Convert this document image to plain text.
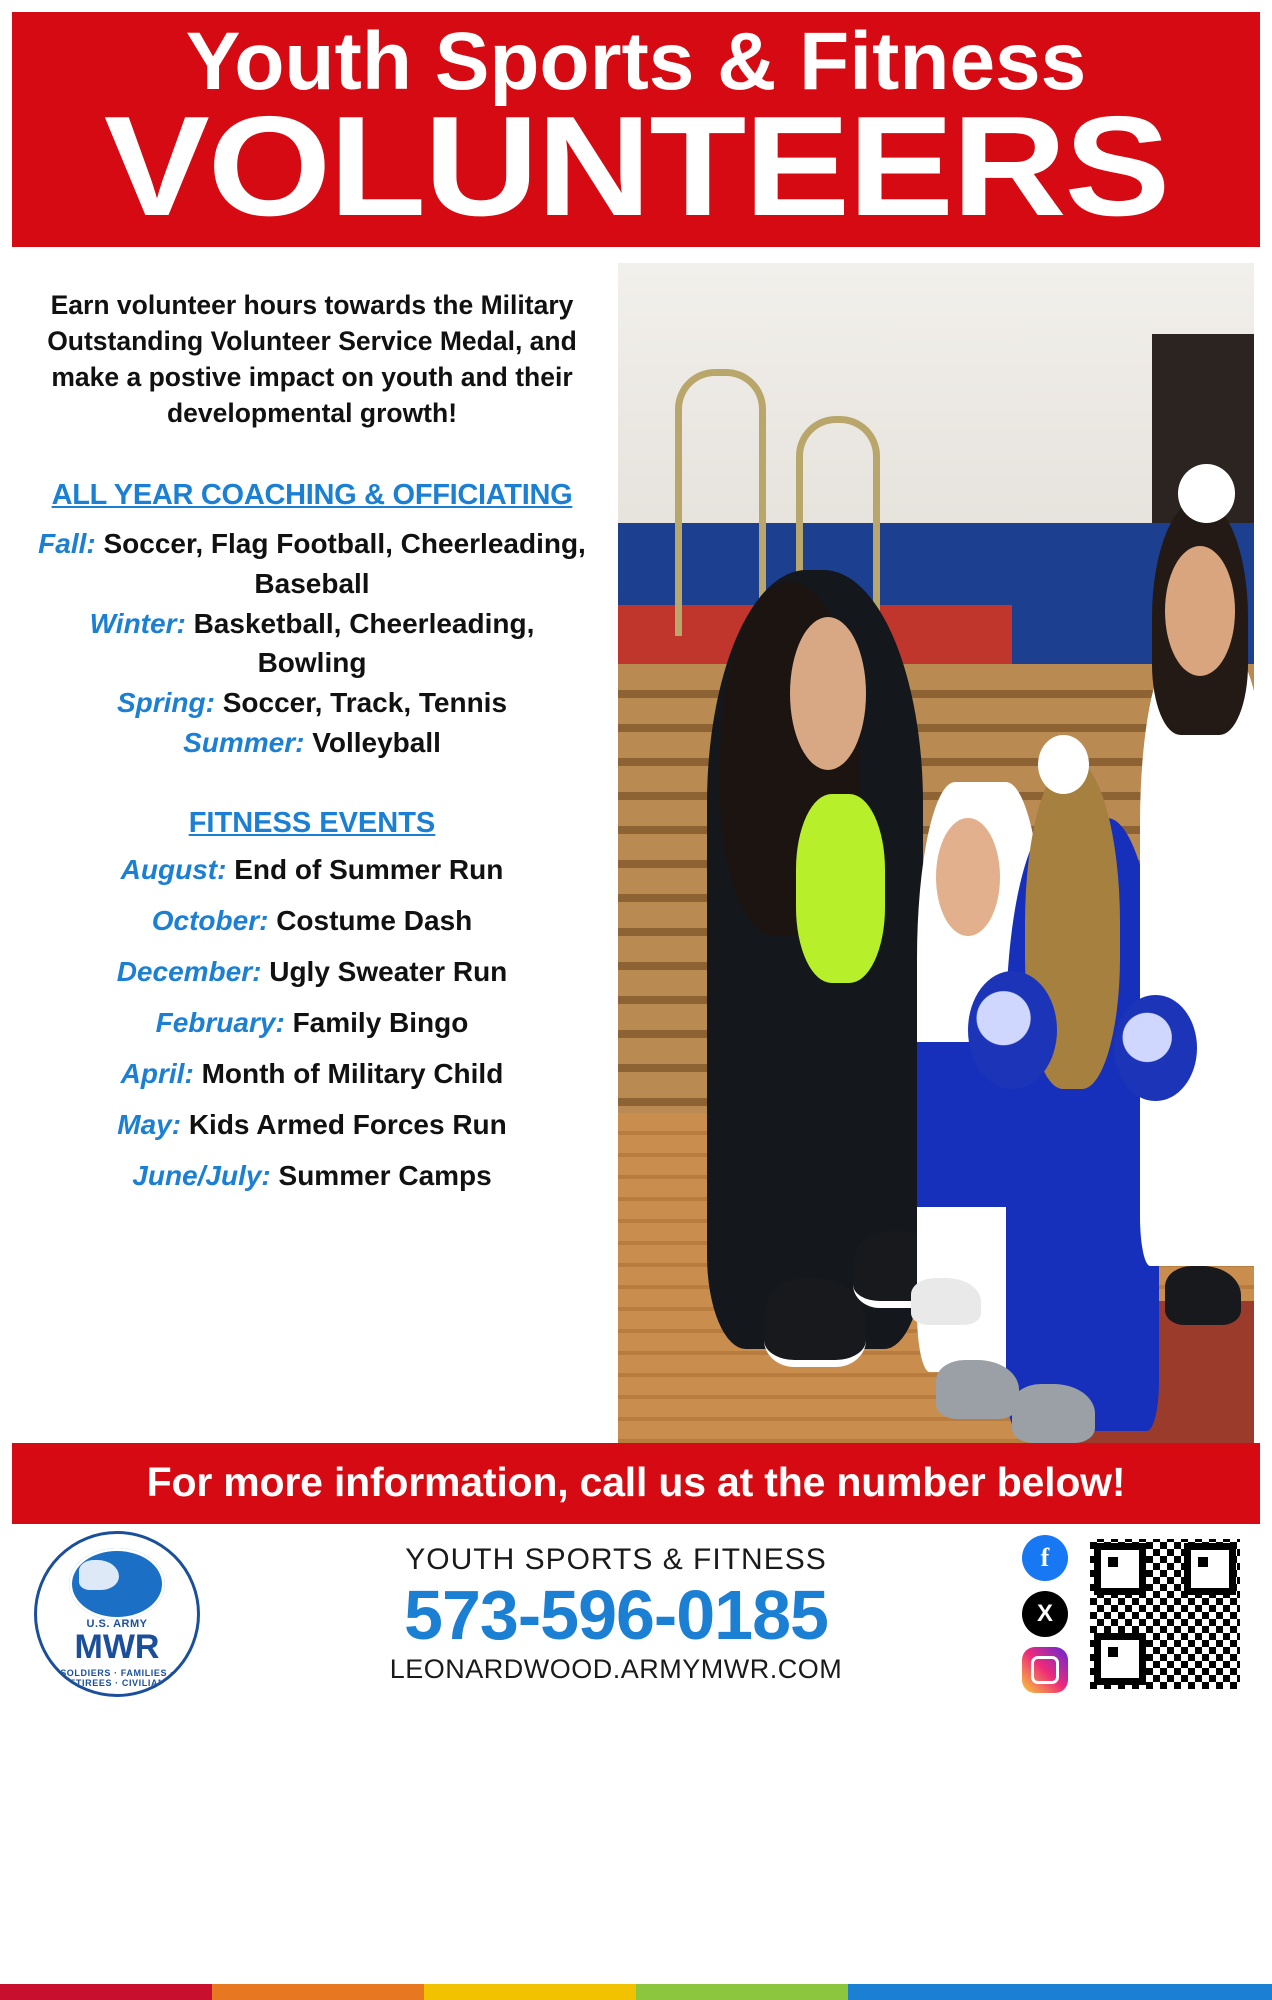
Youth Sports & Fitness
VOLUNTEERS
Earn volunteer hours towards the Military Outstanding Volunteer Service Medal, and make a postive impact on youth and their developmental growth!
ALL YEAR COACHING & OFFICIATING
Fall: Soccer, Flag Football, Cheerleading, Baseball
Winter: Basketball, Cheerleading, Bowling
Spring: Soccer, Track, Tennis
Summer: Volleyball
FITNESS EVENTS
August: End of Summer Run
October: Costume Dash
December: Ugly Sweater Run
February: Family Bingo
April: Month of Military Child
May: Kids Armed Forces Run
June/July: Summer Camps
For more information, call us at the number below!
U.S. ARMY
MWR
SOLDIERS · FAMILIES · RETIREES · CIVILIANS
YOUTH SPORTS & FITNESS
573-596-0185
LEONARDWOOD.ARMYMWR.COM
f
X
